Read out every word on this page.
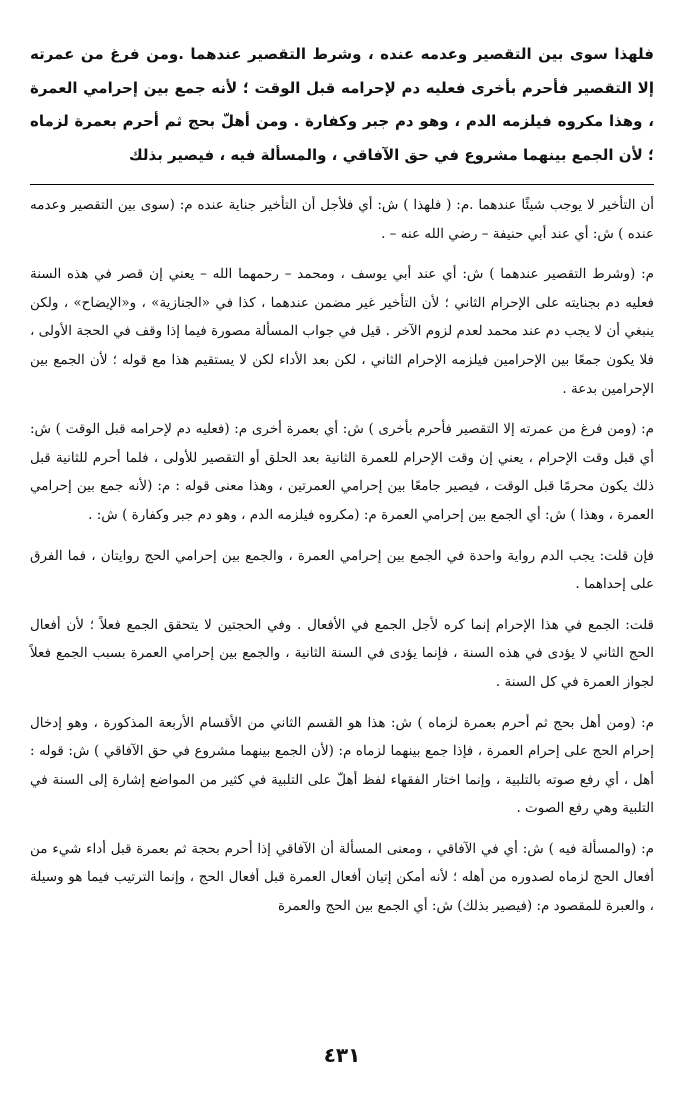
فلهذا سوى بين التقصير وعدمه عنده ، وشرط التقصير عندهما .ومن فرغ من عمرته إلا التقصير فأحرم بأخرى فعليه دم لإحرامه قبل الوقت ؛ لأنه جمع بين إحرامي العمرة ، وهذا مكروه فيلزمه الدم ، وهو دم جبر وكفارة . ومن أهلّ بحج ثم أحرم بعمرة لزماه ؛ لأن الجمع بينهما مشروع في حق الآفاقي ، والمسألة فيه ، فيصير بذلك

أن التأخير لا يوجب شيئًا عندهما .م: ( فلهذا ) ش: أي فلأجل أن التأخير جناية عنده م: (سوى بين التقصير وعدمه عنده ) ش: أي عند أبي حنيفة – رضي الله عنه – .

م: (وشرط التقصير عندهما ) ش: أي عند أبي يوسف ، ومحمد – رحمهما الله – يعني إن قصر في هذه السنة فعليه دم بجنايته على الإحرام الثاني ؛ لأن التأخير غير مضمن عندهما ، كذا في «الجنازية» ، و«الإيضاح» ، ولكن ينبغي أن لا يجب دم عند محمد لعدم لزوم الآخر . قيل في جواب المسألة مصورة فيما إذا وقف في الحجة الأولى ، فلا يكون جمعًا بين الإحرامين فيلزمه الإحرام الثاني ، لكن بعد الأداء لكن لا يستقيم هذا مع قوله ؛ لأن الجمع بين الإحرامين بدعة .

م: (ومن فرغ من عمرته إلا التقصير فأحرم بأخرى ) ش: أي بعمرة أخرى م: (فعليه دم لإحرامه قبل الوقت ) ش: أي قبل وقت الإحرام ، يعني إن وقت الإحرام للعمرة الثانية بعد الحلق أو التقصير للأولى ، فلما أحرم للثانية قبل ذلك يكون محرمًا قبل الوقت ، فيصير جامعًا بين إحرامي العمرتين ، وهذا معنى قوله : م: (لأنه جمع بين إحرامي العمرة ، وهذا ) ش: أي الجمع بين إحرامي العمرة م: (مكروه فيلزمه الدم ، وهو دم جبر وكفارة ) ش: .

فإن قلت: يجب الدم رواية واحدة في الجمع بين إحرامي العمرة ، والجمع بين إحرامي الحج روايتان ، فما الفرق على إحداهما .

قلت: الجمع في هذا الإحرام إنما كره لأجل الجمع في الأفعال . وفي الحجتين لا يتحقق الجمع فعلاً ؛ لأن أفعال الحج الثاني لا يؤدى في هذه السنة ، فإنما يؤدى في السنة الثانية ، والجمع بين إحرامي العمرة بسبب الجمع فعلاً لجواز العمرة في كل السنة .

م: (ومن أهل بحج ثم أحرم بعمرة لزماه ) ش: هذا هو القسم الثاني من الأقسام الأربعة المذكورة ، وهو إدخال إحرام الحج على إحرام العمرة ، فإذا جمع بينهما لزماه م: (لأن الجمع بينهما مشروع في حق الآفاقي ) ش: قوله : أهل ، أي رفع صوته بالتلبية ، وإنما اختار الفقهاء لفظ أهلّ على التلبية في كثير من المواضع إشارة إلى السنة في التلبية وهي رفع الصوت .

م: (والمسألة فيه ) ش: أي في الآفاقي ، ومعنى المسألة أن الآفاقي إذا أحرم بحجة ثم بعمرة قبل أداء شيء من أفعال الحج لزماه لصدوره من أهله ؛ لأنه أمكن إتيان أفعال العمرة قبل أفعال الحج ، وإنما الترتيب فيما هو وسيلة ، والعبرة للمقصود م: (فيصير بذلك) ش: أي الجمع بين الحج والعمرة

٤٣١
